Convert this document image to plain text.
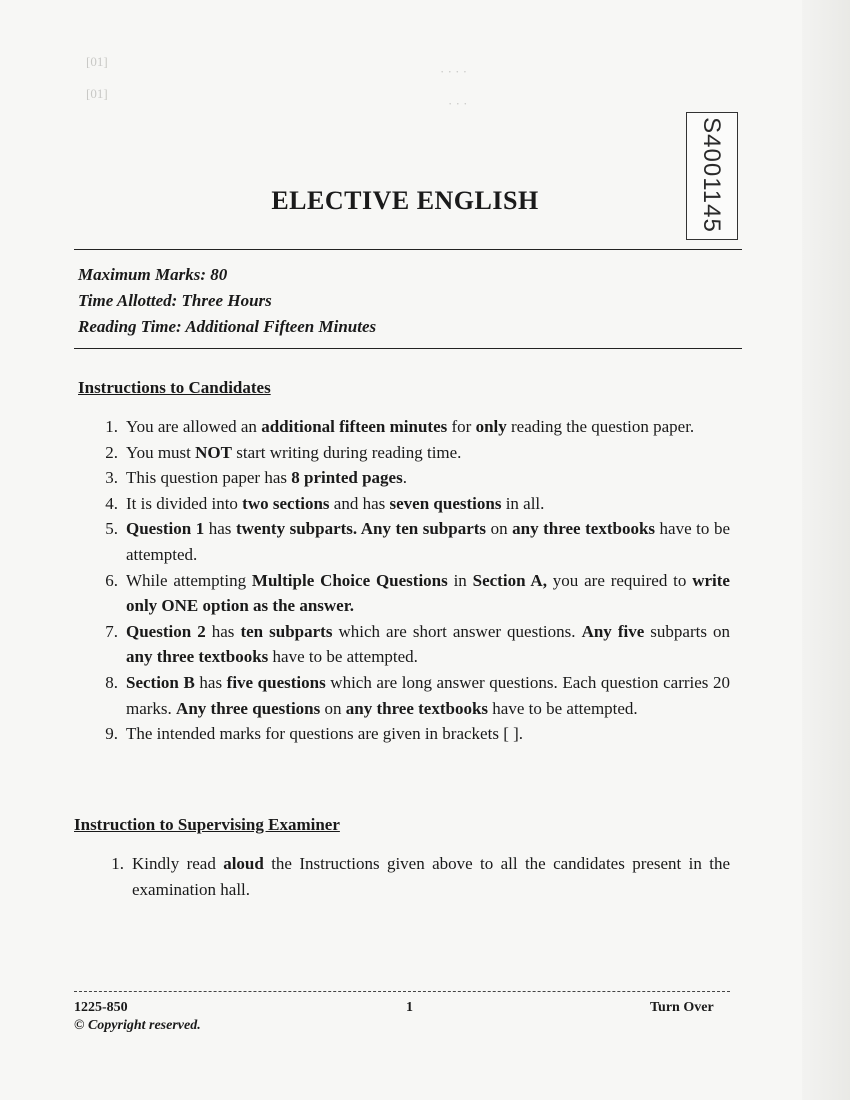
[01]
[01]
· · · ·
· · ·
S4001145
ELECTIVE ENGLISH
Maximum Marks: 80
Time Allotted: Three Hours
Reading Time: Additional Fifteen Minutes
Instructions to Candidates
1. You are allowed an additional fifteen minutes for only reading the question paper.
2. You must NOT start writing during reading time.
3. This question paper has 8 printed pages.
4. It is divided into two sections and has seven questions in all.
5. Question 1 has twenty subparts. Any ten subparts on any three textbooks have to be attempted.
6. While attempting Multiple Choice Questions in Section A, you are required to write only ONE option as the answer.
7. Question 2 has ten subparts which are short answer questions. Any five subparts on any three textbooks have to be attempted.
8. Section B has five questions which are long answer questions. Each question carries 20 marks. Any three questions on any three textbooks have to be attempted.
9. The intended marks for questions are given in brackets [ ].
Instruction to Supervising Examiner
1. Kindly read aloud the Instructions given above to all the candidates present in the examination hall.
1225-850	1	Turn Over
© Copyright reserved.
